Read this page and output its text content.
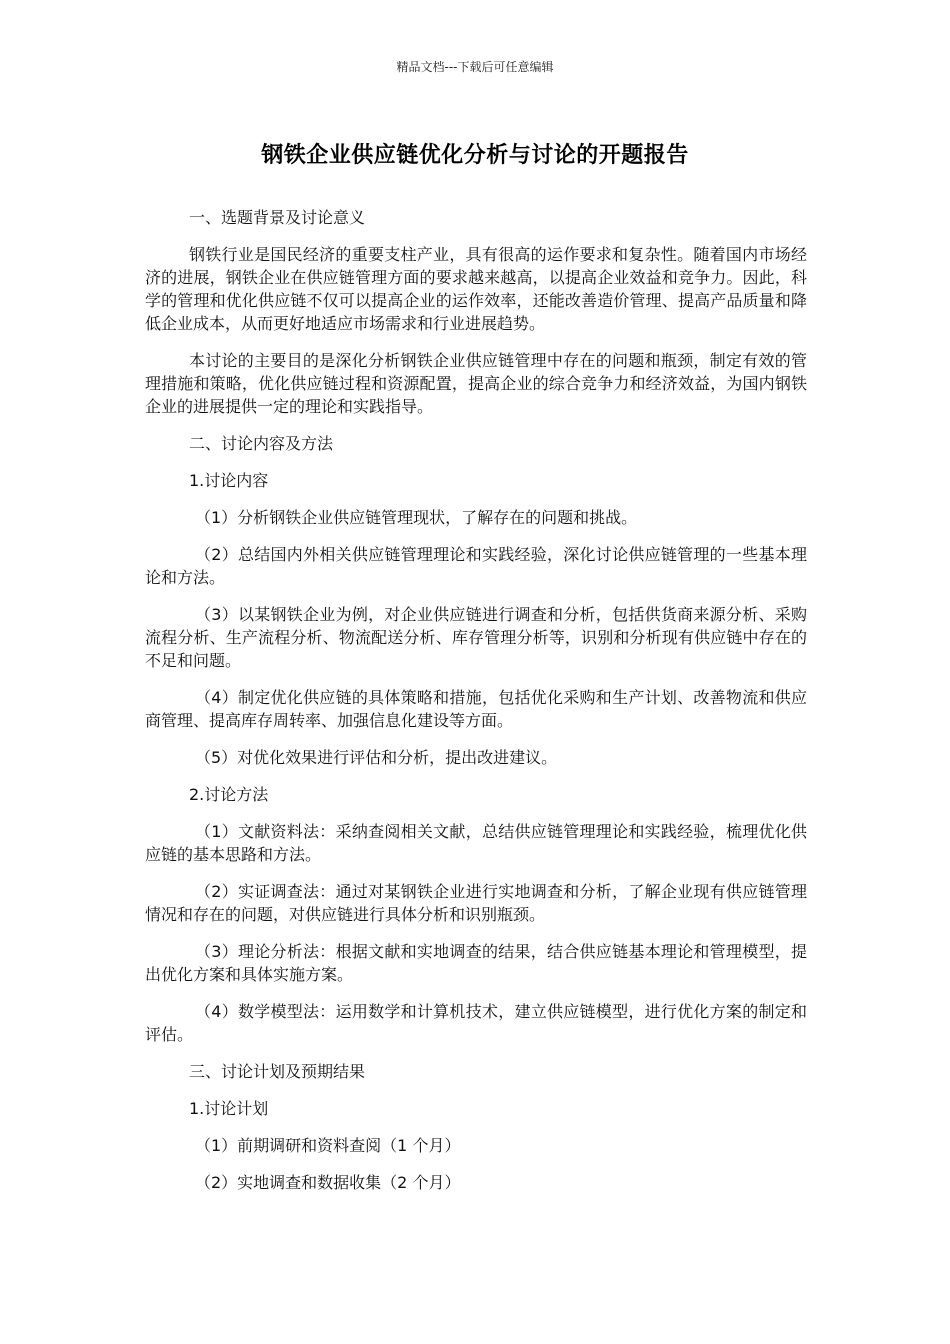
精品文档---下载后可任意编辑
钢铁企业供应链优化分析与讨论的开题报告

一、选题背景及讨论意义

钢铁行业是国民经济的重要支柱产业，具有很高的运作要求和复杂性。随着国内市场经济的进展，钢铁企业在供应链管理方面的要求越来越高，以提高企业效益和竞争力。因此，科学的管理和优化供应链不仅可以提高企业的运作效率，还能改善造价管理、提高产品质量和降低企业成本，从而更好地适应市场需求和行业进展趋势。

本讨论的主要目的是深化分析钢铁企业供应链管理中存在的问题和瓶颈，制定有效的管理措施和策略，优化供应链过程和资源配置，提高企业的综合竞争力和经济效益，为国内钢铁企业的进展提供一定的理论和实践指导。

二、讨论内容及方法

1.讨论内容

（1）分析钢铁企业供应链管理现状，了解存在的问题和挑战。

（2）总结国内外相关供应链管理理论和实践经验，深化讨论供应链管理的一些基本理论和方法。

（3）以某钢铁企业为例，对企业供应链进行调查和分析，包括供货商来源分析、采购流程分析、生产流程分析、物流配送分析、库存管理分析等，识别和分析现有供应链中存在的不足和问题。

（4）制定优化供应链的具体策略和措施，包括优化采购和生产计划、改善物流和供应商管理、提高库存周转率、加强信息化建设等方面。

（5）对优化效果进行评估和分析，提出改进建议。

2.讨论方法

（1）文献资料法：采纳查阅相关文献，总结供应链管理理论和实践经验，梳理优化供应链的基本思路和方法。

（2）实证调查法：通过对某钢铁企业进行实地调查和分析，了解企业现有供应链管理情况和存在的问题，对供应链进行具体分析和识别瓶颈。

（3）理论分析法：根据文献和实地调查的结果，结合供应链基本理论和管理模型，提出优化方案和具体实施方案。

（4）数学模型法：运用数学和计算机技术，建立供应链模型，进行优化方案的制定和评估。

三、讨论计划及预期结果

1.讨论计划

（1）前期调研和资料查阅（1 个月）

（2）实地调查和数据收集（2 个月）
